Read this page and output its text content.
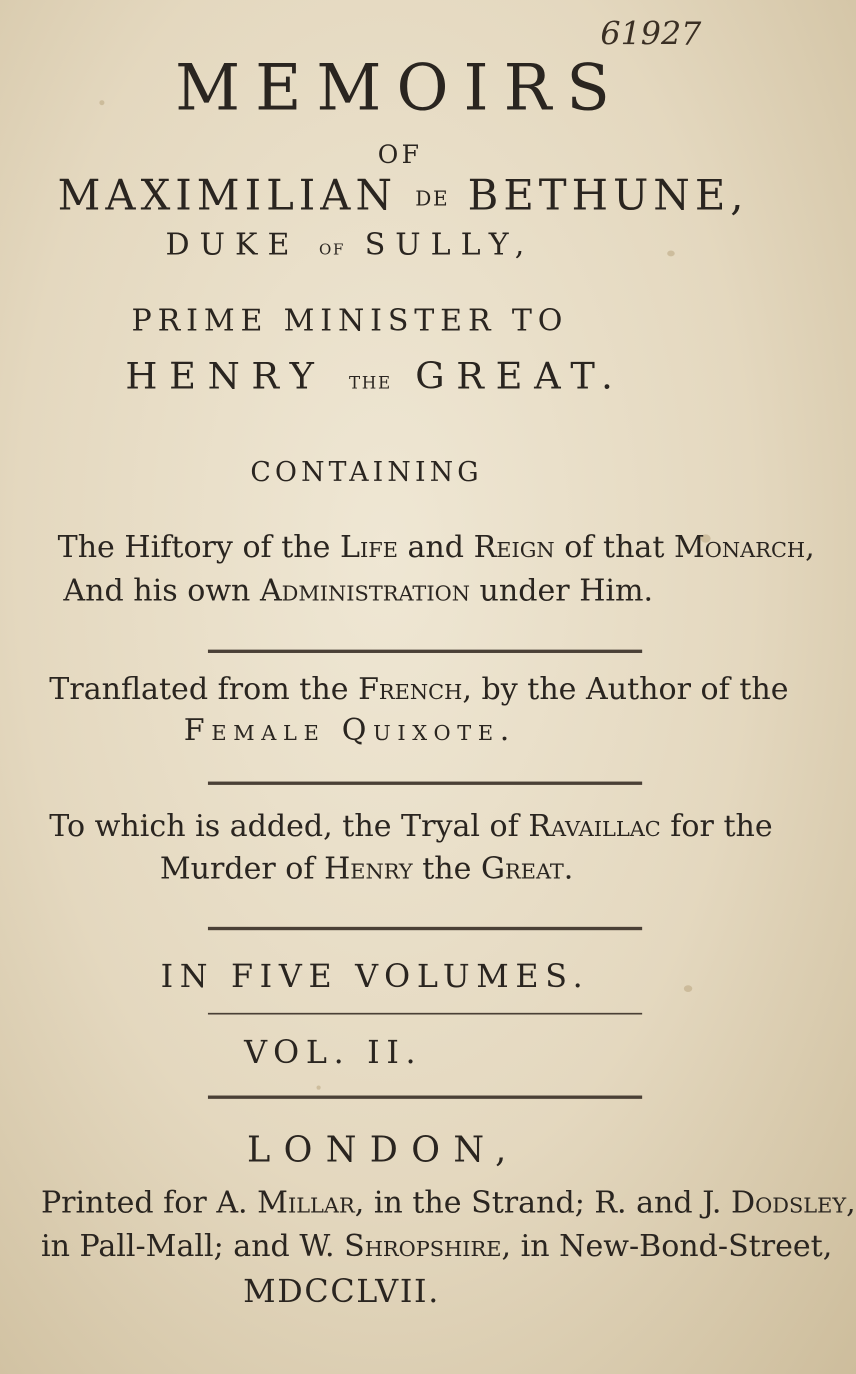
61927
MEMOIRS
OF
MAXIMILIAN DE BETHUNE,
DUKE OF SULLY,
PRIME MINISTER TO
HENRY THE GREAT.
CONTAINING
The Hiftory of the Life and Reign of that Monarch,
And his own Administration under Him.
Tranflated from the French, by the Author of the
Female Quixote.
To which is added, the Tryal of Ravaillac for the
Murder of Henry the Great.
IN FIVE VOLUMES.
VOL. II.
LONDON,
Printed for A. Millar, in the Strand; R. and J. Dodsley,
in Pall-Mall; and W. Shropshire, in New-Bond-Street,
MDCCLVII.
